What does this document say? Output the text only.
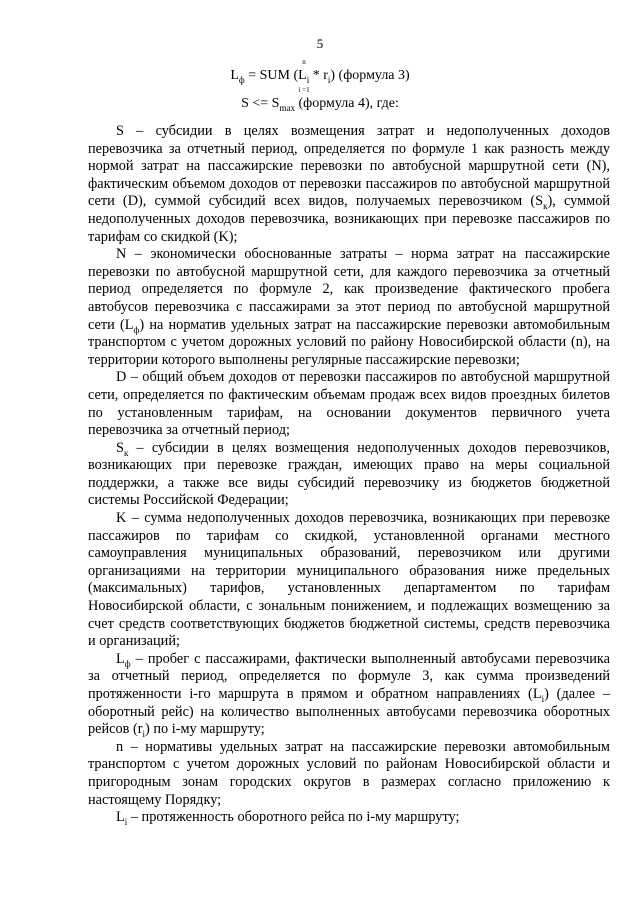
5
n
$L_ф$ = SUM $(L_i * r_i)$ (формула 3)
i =1
$S <= S_{max}$ (формула 4), где:

S – субсидии в целях возмещения затрат и недополученных доходов перевозчика за отчетный период, определяется по формуле 1 как разность между нормой затрат на пассажирские перевозки по автобусной маршрутной сети (N), фактическим объемом доходов от перевозки пассажиров по автобусной маршрутной сети (D), суммой субсидий всех видов, получаемых перевозчиком $(S_к)$, суммой недополученных доходов перевозчика, возникающих при перевозке пассажиров по тарифам со скидкой (K);

N – экономически обоснованные затраты – норма затрат на пассажирские перевозки по автобусной маршрутной сети, для каждого перевозчика за отчетный период определяется по формуле 2, как произведение фактического пробега автобусов перевозчика с пассажирами за этот период по автобусной маршрутной сети $(L_ф)$ на норматив удельных затрат на пассажирские перевозки автомобильным транспортом с учетом дорожных условий по району Новосибирской области (n), на территории которого выполнены регулярные пассажирские перевозки;

D – общий объем доходов от перевозки пассажиров по автобусной маршрутной сети, определяется по фактическим объемам продаж всех видов проездных билетов по установленным тарифам, на основании документов первичного учета перевозчика за отчетный период;

$S_к$ – субсидии в целях возмещения недополученных доходов перевозчиков, возникающих при перевозке граждан, имеющих право на меры социальной поддержки, а также все виды субсидий перевозчику из бюджетов бюджетной системы Российской Федерации;

K – сумма недополученных доходов перевозчика, возникающих при перевозке пассажиров по тарифам со скидкой, установленной органами местного самоуправления муниципальных образований, перевозчиком или другими организациями на территории муниципального образования ниже предельных (максимальных) тарифов, установленных департаментом по тарифам Новосибирской области, с зональным понижением, и подлежащих возмещению за счет средств соответствующих бюджетов бюджетной системы, средств перевозчика и организаций;

$L_ф$ – пробег с пассажирами, фактически выполненный автобусами перевозчика за отчетный период, определяется по формуле 3, как сумма произведений протяженности i-го маршрута в прямом и обратном направлениях $(L_i)$ (далее – оборотный рейс) на количество выполненных автобусами перевозчика оборотных рейсов $(r_i)$ по i-му маршруту;

n – нормативы удельных затрат на пассажирские перевозки автомобильным транспортом с учетом дорожных условий по районам Новосибирской области и пригородным зонам городских округов в размерах согласно приложению к настоящему Порядку;

$L_i$ – протяженность оборотного рейса по i-му маршруту;
